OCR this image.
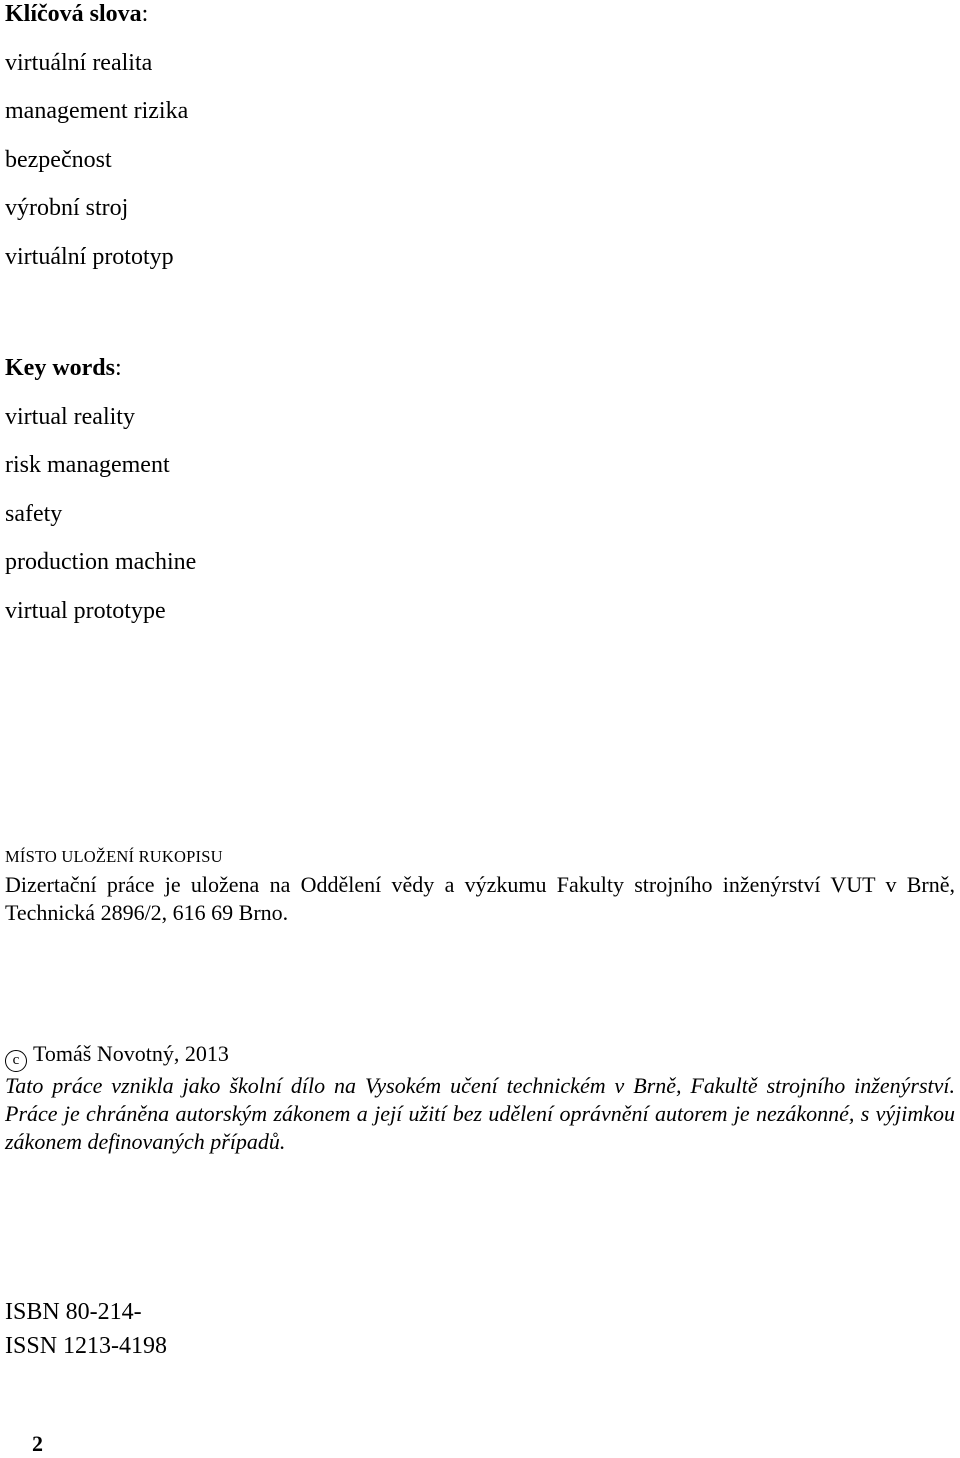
Klíčová slova:
virtuální realita
management rizika
bezpečnost
výrobní stroj
virtuální prototyp
Key words:
virtual reality
risk management
safety
production machine
virtual prototype
MÍSTO ULOŽENÍ RUKOPISU
Dizertační práce je uložena na Oddělení vědy a výzkumu Fakulty strojního inženýrství VUT v Brně, Technická 2896/2, 616 69 Brno.
c Tomáš Novotný, 2013
Tato práce vznikla jako školní dílo na Vysokém učení technickém v Brně, Fakultě strojního inženýrství. Práce je chráněna autorským zákonem a její užití bez udělení oprávnění autorem je nezákonné, s výjimkou zákonem definovaných případů.
ISBN 80-214-
ISSN 1213-4198
2
